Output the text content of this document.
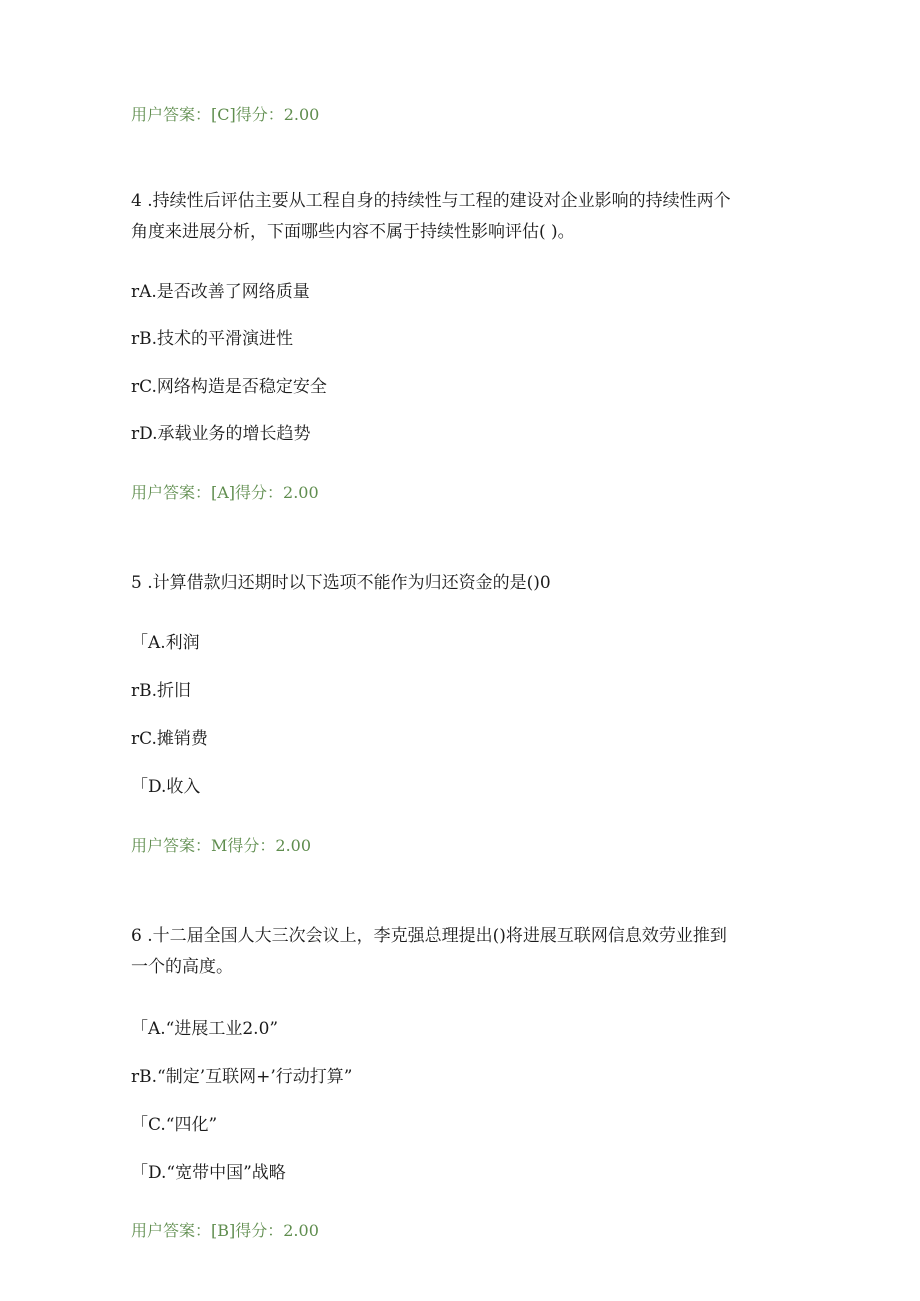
用户答案：[C]得分：2.00
4 .持续性后评估主要从工程自身的持续性与工程的建设对企业影响的持续性两个
角度来进展分析，下面哪些内容不属于持续性影响评估( )。
rA.是否改善了网络质量
rB.技术的平滑演进性
rC.网络构造是否稳定安全
rD.承载业务的增长趋势
用户答案：[A]得分：2.00
5 .计算借款归还期时以下选项不能作为归还资金的是()0
「A.利润
rB.折旧
rC.摊销费
「D.收入
用户答案：M得分：2.00
6 .十二届全国人大三次会议上，李克强总理提出()将进展互联网信息效劳业推到
一个的高度。
「A.“进展工业2.0”
rB.“制定’互联网+’行动打算”
「C.“四化”
「D.“宽带中国”战略
用户答案：[B]得分：2.00
